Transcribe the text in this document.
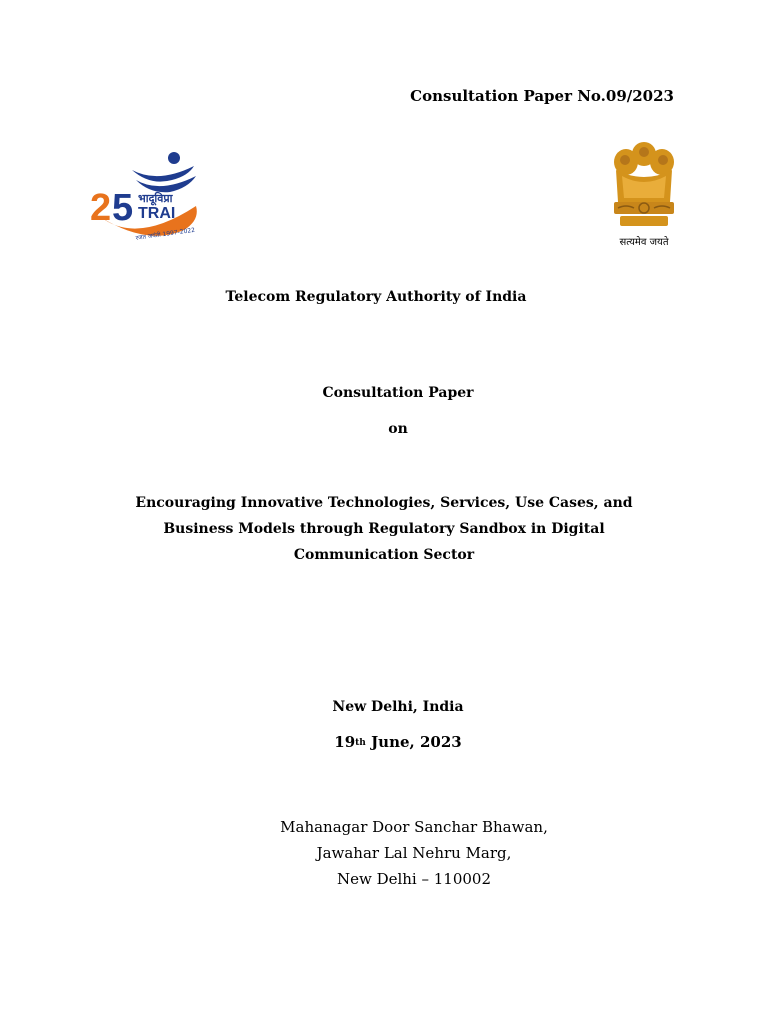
Consultation Paper No.09/2023
2 5 भादूविप्रा
TRAI
रजत जयंती 1997-2022
सत्यमेव जयते
Telecom Regulatory Authority of India
Consultation Paper
on
Encouraging Innovative Technologies, Services, Use Cases, and
Business Models through Regulatory Sandbox in Digital
Communication Sector
New Delhi, India
19th June, 2023
Mahanagar Door Sanchar Bhawan,
Jawahar Lal Nehru Marg,
New Delhi – 110002
